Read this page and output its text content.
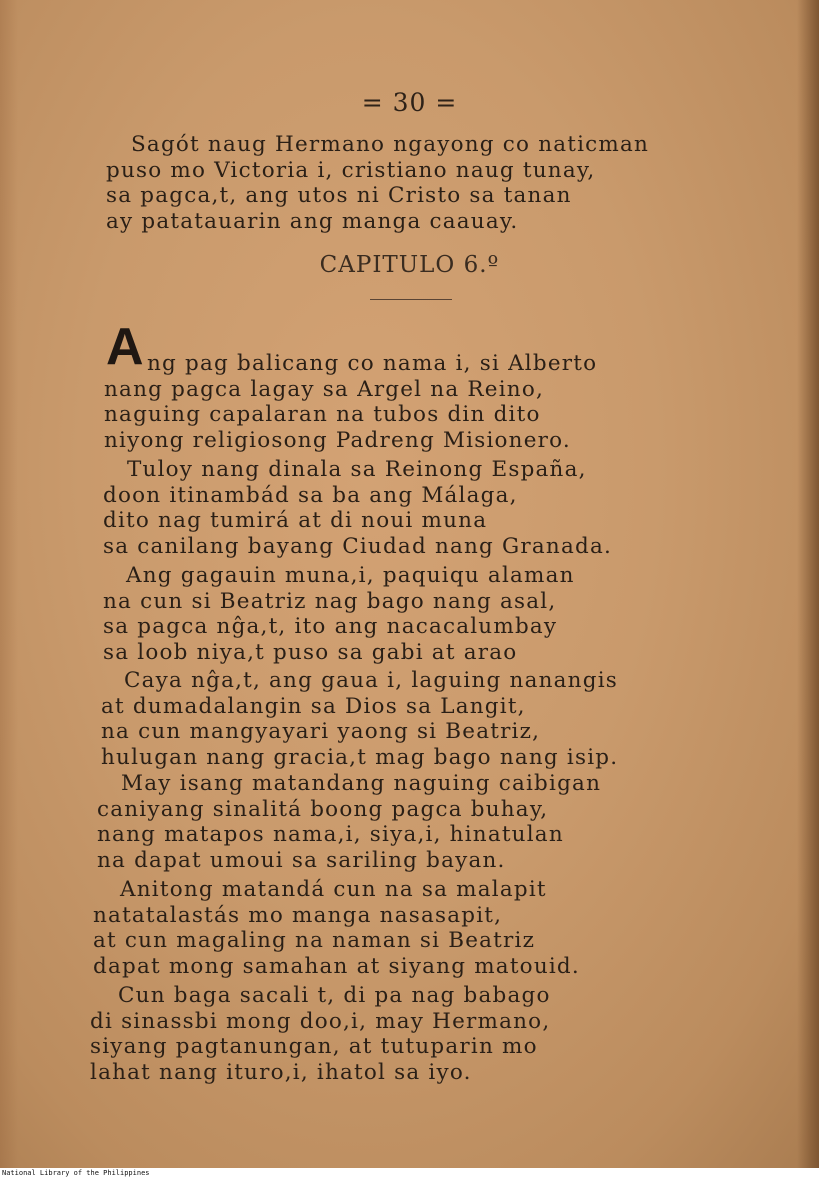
= 30 =
Sagót naug Hermano ngayong co naticman
puso mo Victoria i, cristiano naug tunay,
sa pagca,t, ang utos ni Cristo sa tanan
ay patatauarin ang manga caauay.
CAPITULO 6.º
A ng pag balicang co nama i, si Alberto
nang pagca lagay sa Argel na Reino,
naguing capalaran na tubos din dito
niyong religiosong Padreng Misionero.
Tuloy nang dinala sa Reinong España,
doon itinambád sa ba ang Málaga,
dito nag tumirá at di noui muna
sa canilang bayang Ciudad nang Granada.
Ang gagauin muna,i, paquiqu alaman
na cun si Beatriz nag bago nang asal,
sa pagca nĝa,t, ito ang nacacalumbay
sa loob niya,t puso sa gabi at arao
Caya nĝa,t, ang gaua i, laguing nanangis
at dumadalangin sa Dios sa Langit,
na cun mangyayari yaong si Beatriz,
hulugan nang gracia,t mag bago nang isip.
May isang matandang naguing caibigan
caniyang sinalitá boong pagca buhay,
nang matapos nama,i, siya,i, hinatulan
na dapat umoui sa sariling bayan.
Anitong matandá cun na sa malapit
natatalastás mo manga nasasapit,
at cun magaling na naman si Beatriz
dapat mong samahan at siyang matouid.
Cun baga sacali t, di pa nag babago
di sinassbi mong doo,i, may Hermano,
siyang pagtanungan, at tutuparin mo
lahat nang ituro,i, ihatol sa iyo.
National Library of the Philippines
